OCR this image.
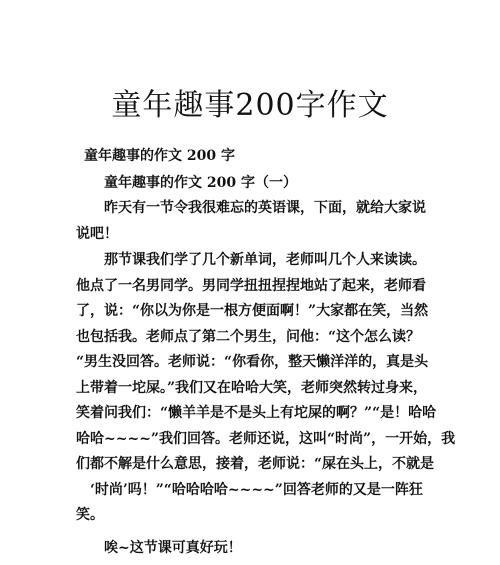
童年趣事200字作文
童年趣事的作文 200 字
童年趣事的作文 200 字（一）
　　昨天有一节令我很难忘的英语课，下面，就给大家说
说吧！
　　那节课我们学了几个新单词，老师叫几个人来读读。
他点了一名男同学。男同学扭扭捏捏地站了起来，老师看
了，说：“你以为你是一根方便面啊！”大家都在笑，当然
也包括我。老师点了第二个男生，问他：“这个怎么读？
“男生没回答。老师说：“你看你，整天懒洋洋的，真是头
上带着一坨屎。”我们又在哈哈大笑，老师突然转过身来，
笑着问我们：“懒羊羊是不是头上有坨屎的啊？”“是！哈哈
哈哈~~~~”我们回答。老师还说，这叫“时尚”，一开始，我
们都不解是什么意思，接着，老师说：“屎在头上，不就是
　‘时尚’吗！”“哈哈哈哈~~~~”回答老师的又是一阵狂
笑。
唉~这节课可真好玩！
